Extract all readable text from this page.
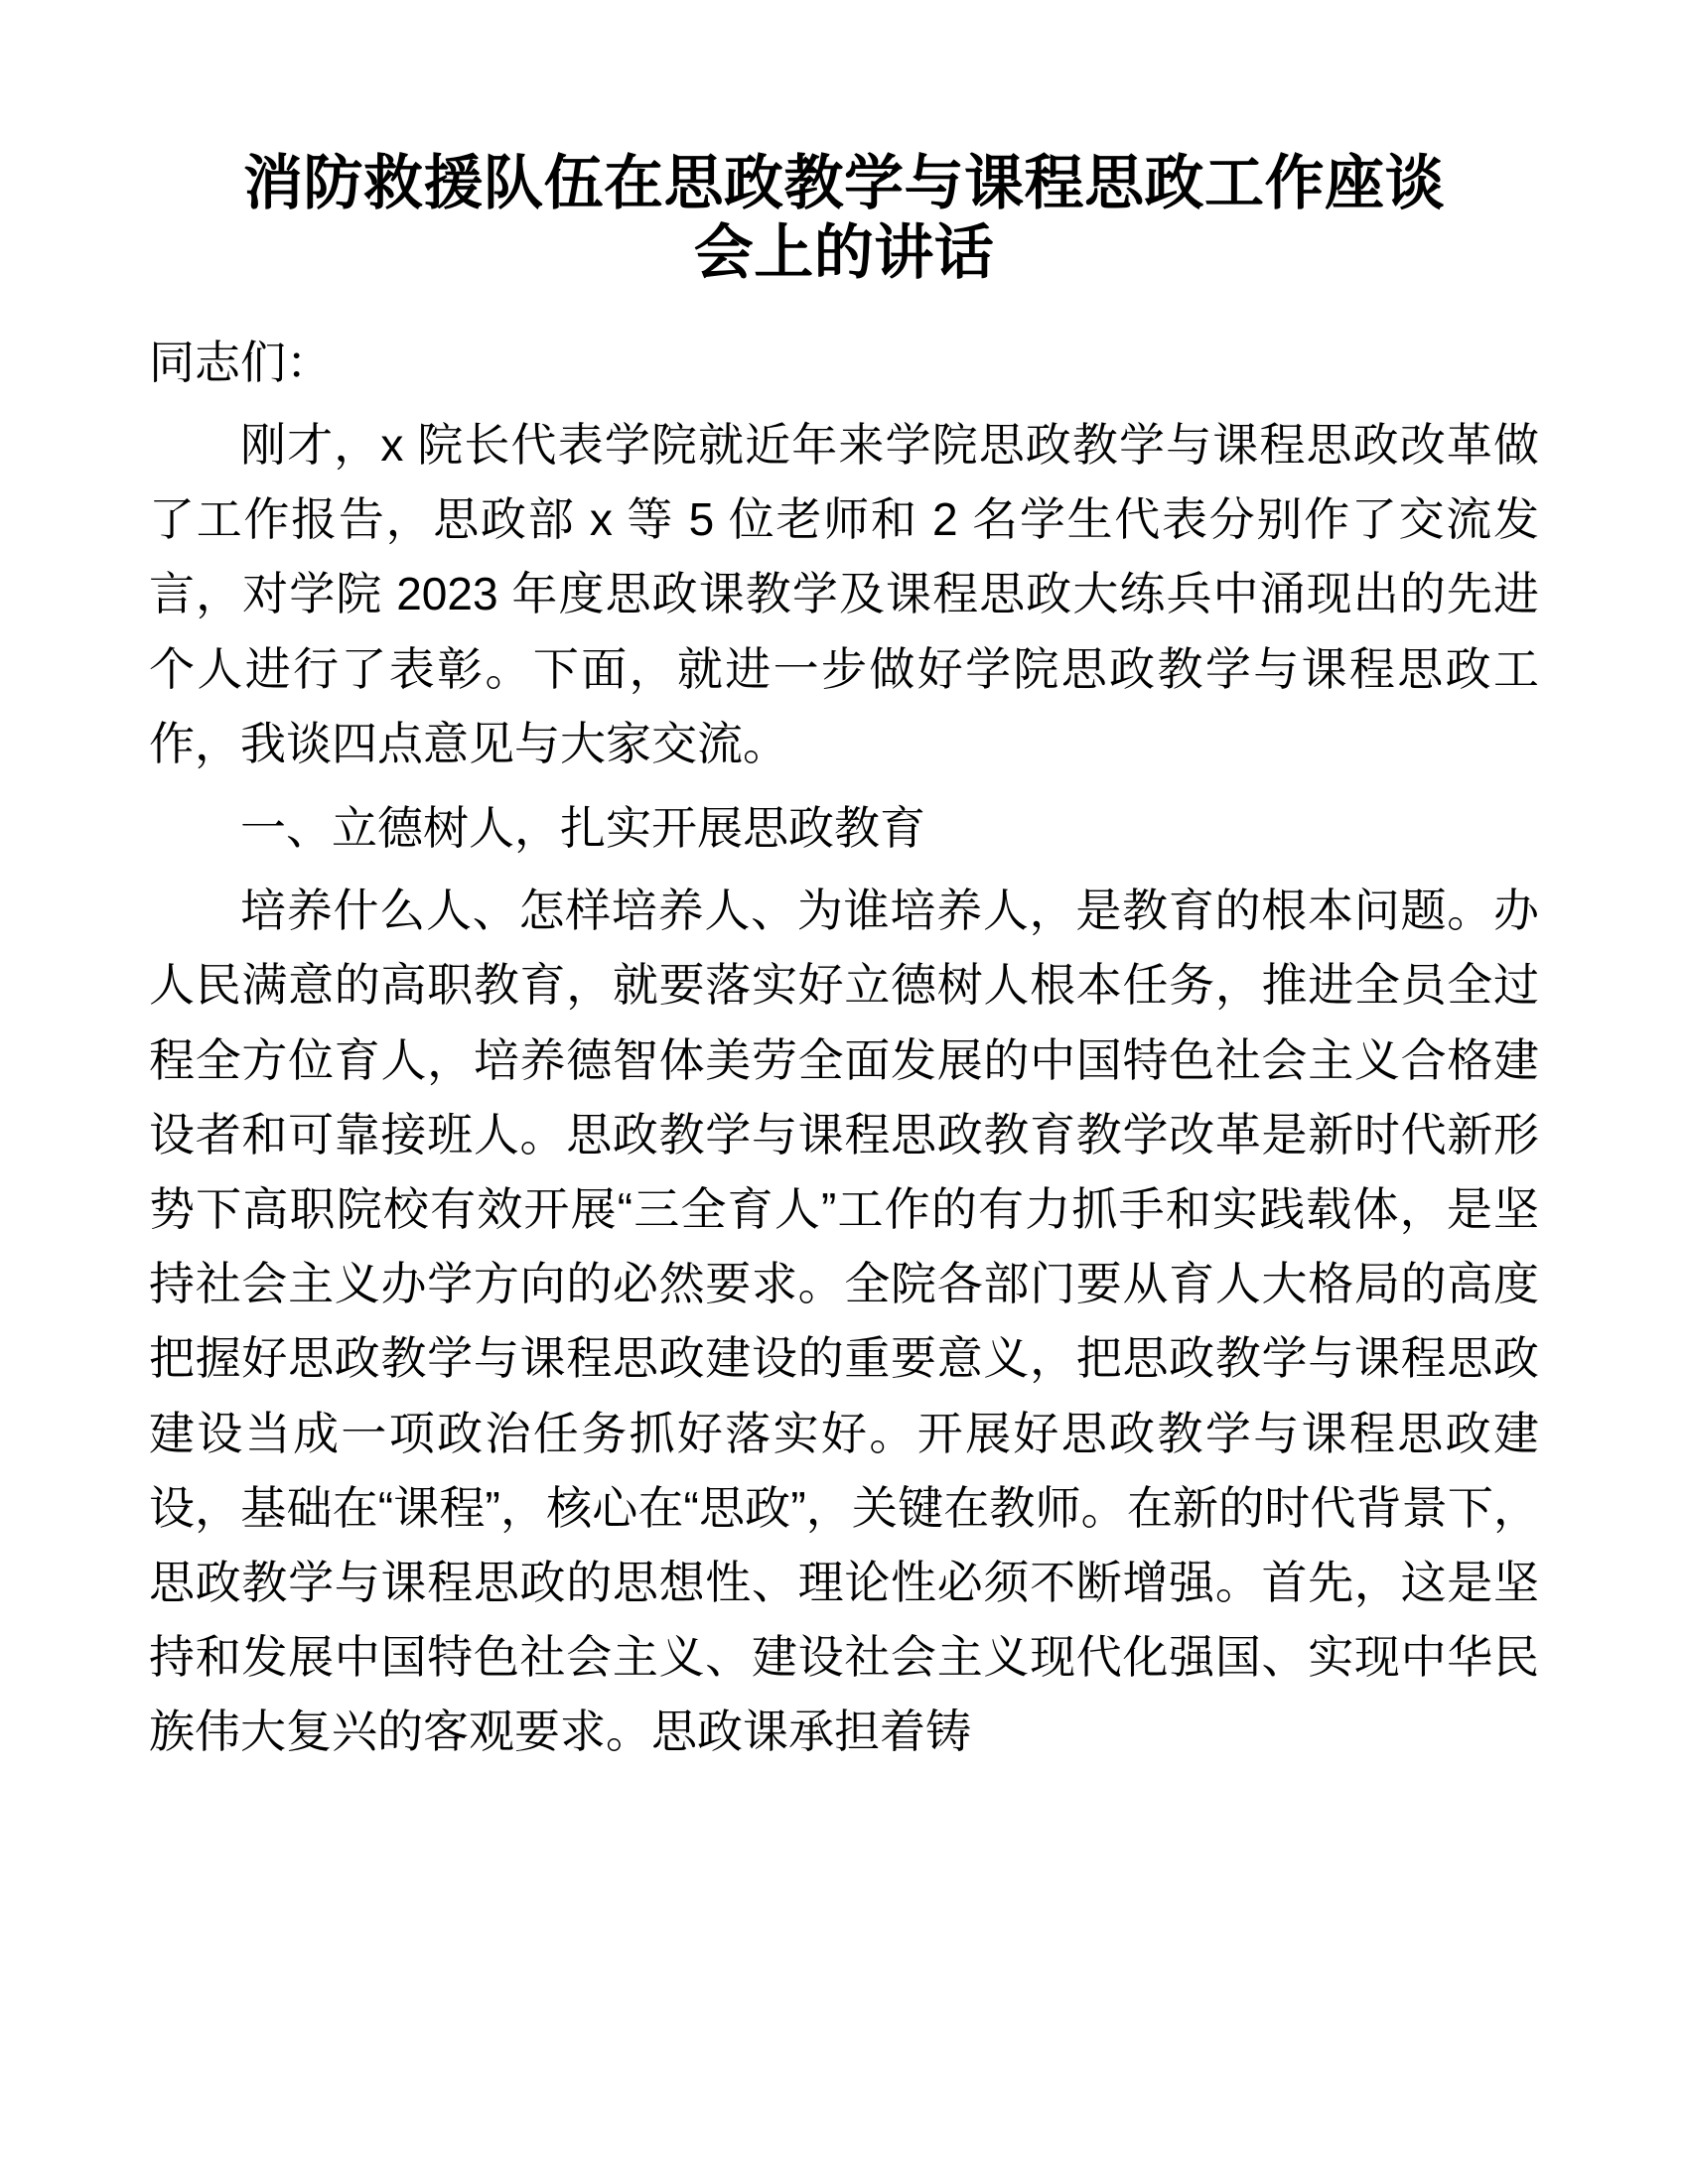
消防救援队伍在思政教学与课程思政工作座谈
会上的讲话

同志们：

刚才，x 院长代表学院就近年来学院思政教学与课程思政改革做了工作报告，思政部 x 等 5 位老师和 2 名学生代表分别作了交流发言，对学院 2023 年度思政课教学及课程思政大练兵中涌现出的先进个人进行了表彰。下面，就进一步做好学院思政教学与课程思政工作，我谈四点意见与大家交流。

一、立德树人，扎实开展思政教育

培养什么人、怎样培养人、为谁培养人，是教育的根本问题。办人民满意的高职教育，就要落实好立德树人根本任务，推进全员全过程全方位育人，培养德智体美劳全面发展的中国特色社会主义合格建设者和可靠接班人。思政教学与课程思政教育教学改革是新时代新形势下高职院校有效开展“三全育人”工作的有力抓手和实践载体，是坚持社会主义办学方向的必然要求。全院各部门要从育人大格局的高度把握好思政教学与课程思政建设的重要意义，把思政教学与课程思政建设当成一项政治任务抓好落实好。开展好思政教学与课程思政建设，基础在“课程”，核心在“思政”，关键在教师。在新的时代背景下，思政教学与课程思政的思想性、理论性必须不断增强。首先，这是坚持和发展中国特色社会主义、建设社会主义现代化强国、实现中华民族伟大复兴的客观要求。思政课承担着铸
